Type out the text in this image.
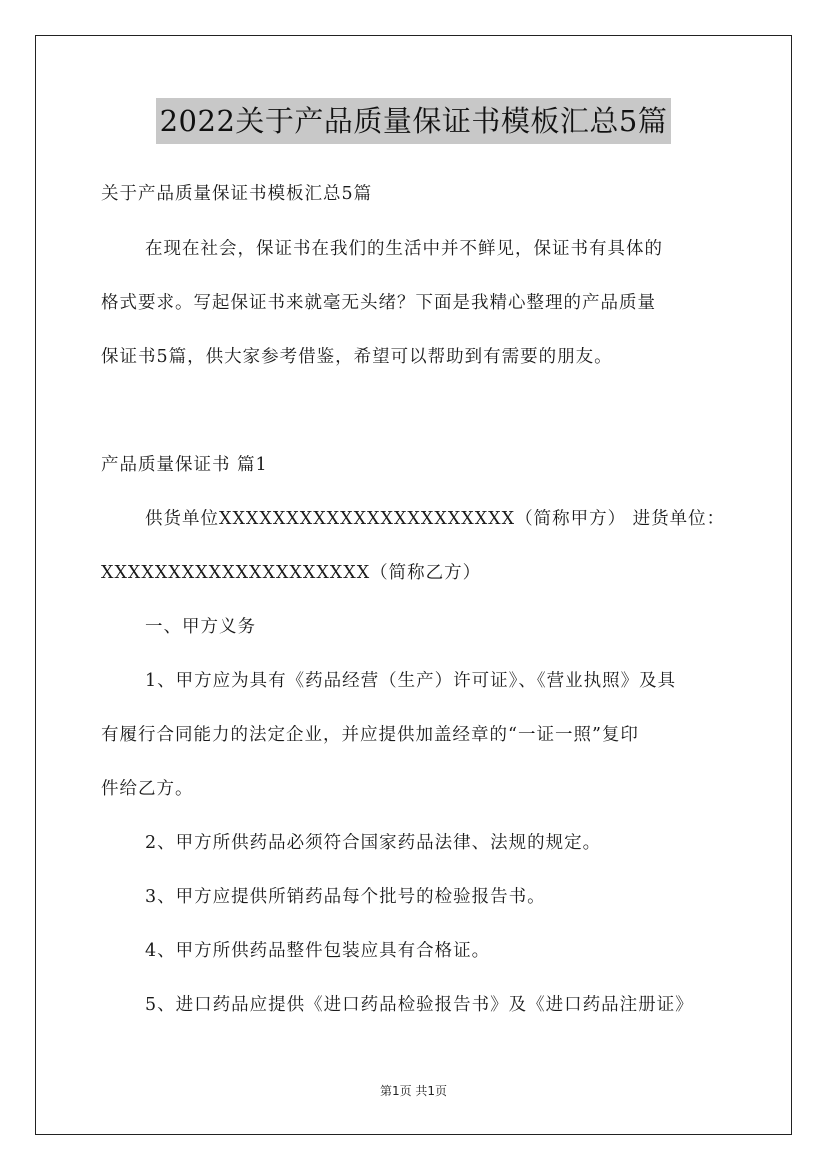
2022关于产品质量保证书模板汇总5篇
关于产品质量保证书模板汇总5篇
在现在社会，保证书在我们的生活中并不鲜见，保证书有具体的
格式要求。写起保证书来就毫无头绪？下面是我精心整理的产品质量
保证书5篇，供大家参考借鉴，希望可以帮助到有需要的朋友。
产品质量保证书 篇1
供货单位XXXXXXXXXXXXXXXXXXXXXX（简称甲方） 进货单位：
XXXXXXXXXXXXXXXXXXXX（简称乙方）
一、甲方义务
1、甲方应为具有《药品经营（生产）许可证》、《营业执照》及具
有履行合同能力的法定企业，并应提供加盖经章的“一证一照”复印
件给乙方。
2、甲方所供药品必须符合国家药品法律、法规的规定。
3、甲方应提供所销药品每个批号的检验报告书。
4、甲方所供药品整件包装应具有合格证。
5、进口药品应提供《进口药品检验报告书》及《进口药品注册证》
第1页 共1页
